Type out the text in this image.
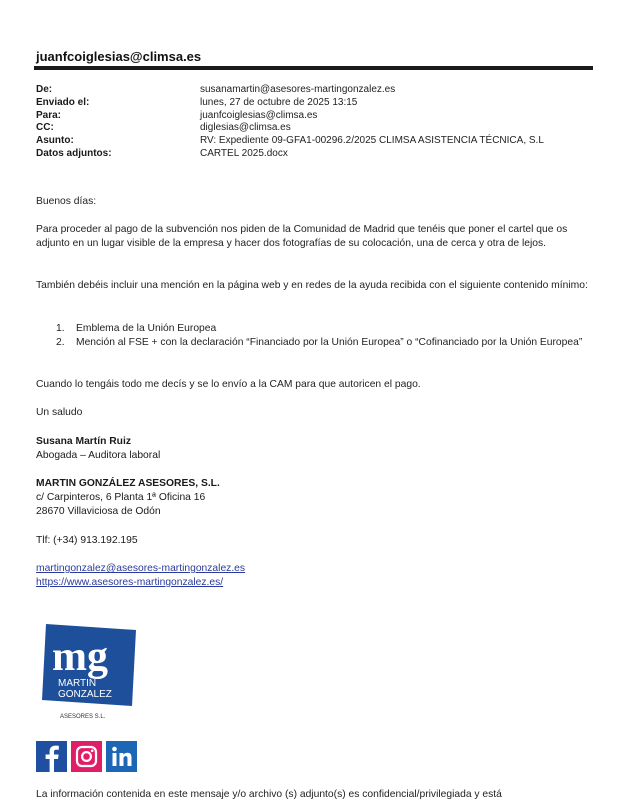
juanfcoiglesias@climsa.es
De:	susanamartin@asesores-martingonzalez.es
Enviado el:	lunes, 27 de octubre de 2025 13:15
Para:	juanfcoiglesias@climsa.es
CC:	diglesias@climsa.es
Asunto:	RV: Expediente 09-GFA1-00296.2/2025 CLIMSA ASISTENCIA TÉCNICA, S.L
Datos adjuntos:	CARTEL 2025.docx
Buenos días:
Para proceder al pago de la subvención nos piden de la Comunidad de Madrid que tenéis que poner el cartel que os adjunto en un lugar visible de la empresa y hacer dos fotografías de su colocación, una de cerca y otra de lejos.
También debéis incluir una mención en la página web y en redes de la ayuda recibida con el siguiente contenido mínimo:
1.	Emblema de la Unión Europea
2.	Mención al FSE + con la declaración “Financiado por la Unión Europea” o “Cofinanciado por la Unión Europea”
Cuando lo tengáis todo me decís y se lo envío a la CAM para que autoricen el pago.
Un saludo
Susana Martín Ruiz
Abogada – Auditora laboral
MARTIN GONZÁLEZ ASESORES, S.L.
c/ Carpinteros, 6 Planta 1ª Oficina 16
28670 Villaviciosa de Odón
Tlf: (+34) 913.192.195
martingonzalez@asesores-martingonzalez.es
https://www.asesores-martingonzalez.es/
mg
MARTIN
GONZALEZ
ASESORES S.L.
La información contenida en este mensaje y/o archivo (s) adjunto(s) es confidencial/privilegiada y está
